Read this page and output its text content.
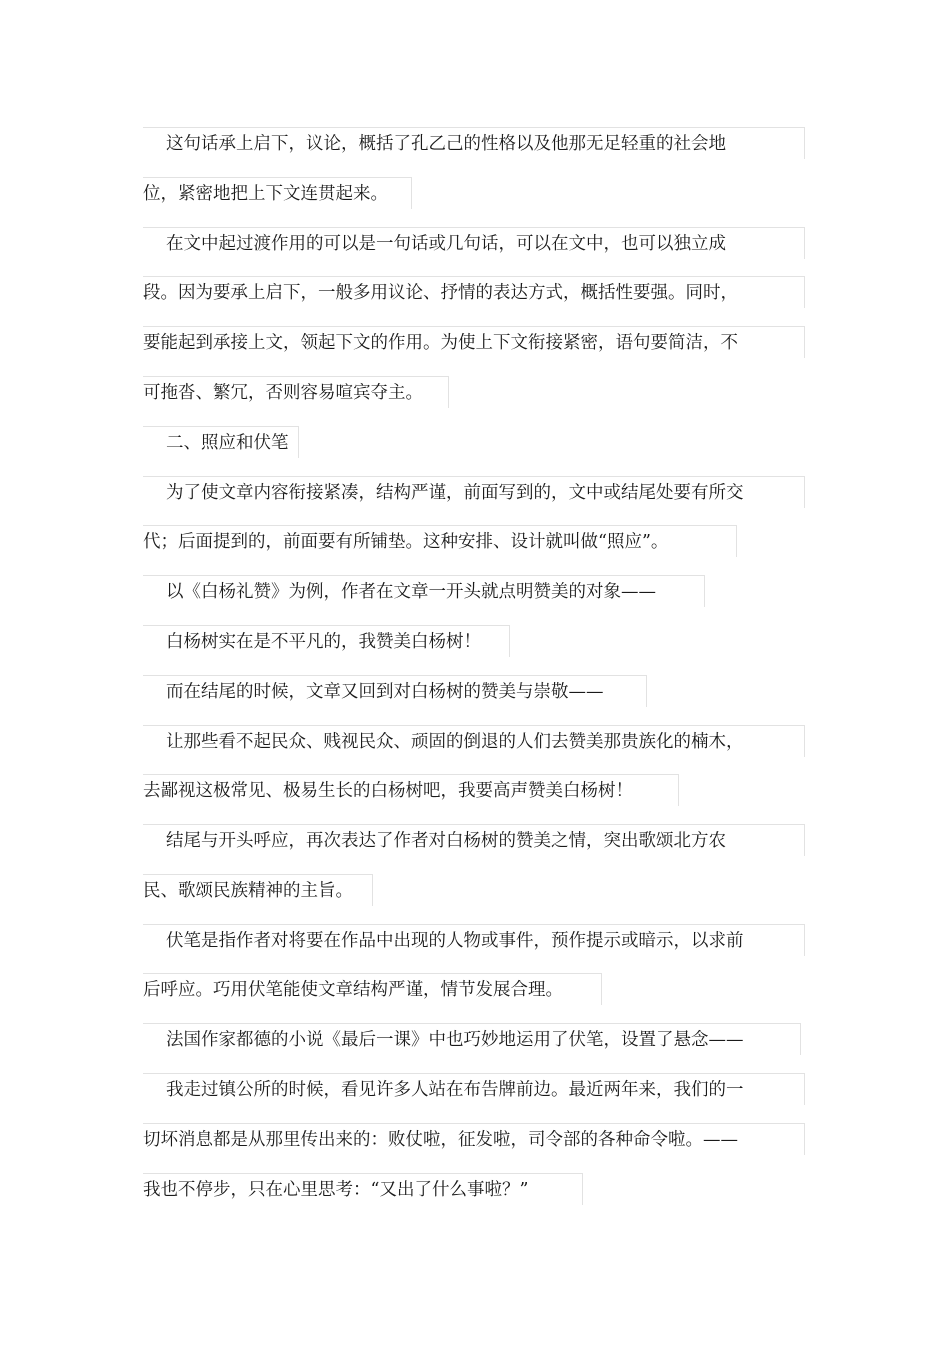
这句话承上启下，议论，概括了孔乙己的性格以及他那无足轻重的社会地
位，紧密地把上下文连贯起来。
在文中起过渡作用的可以是一句话或几句话，可以在文中，也可以独立成
段。因为要承上启下，一般多用议论、抒情的表达方式，概括性要强。同时，
要能起到承接上文，领起下文的作用。为使上下文衔接紧密，语句要简洁，不
可拖沓、繁冗，否则容易喧宾夺主。
二、照应和伏笔
为了使文章内容衔接紧凑，结构严谨，前面写到的，文中或结尾处要有所交
代；后面提到的，前面要有所铺垫。这种安排、设计就叫做“照应”。
以《白杨礼赞》为例，作者在文章一开头就点明赞美的对象——
白杨树实在是不平凡的，我赞美白杨树！
而在结尾的时候，文章又回到对白杨树的赞美与崇敬——
让那些看不起民众、贱视民众、顽固的倒退的人们去赞美那贵族化的楠木，
去鄙视这极常见、极易生长的白杨树吧，我要高声赞美白杨树！
结尾与开头呼应，再次表达了作者对白杨树的赞美之情，突出歌颂北方农
民、歌颂民族精神的主旨。
伏笔是指作者对将要在作品中出现的人物或事件，预作提示或暗示，以求前
后呼应。巧用伏笔能使文章结构严谨，情节发展合理。
法国作家都德的小说《最后一课》中也巧妙地运用了伏笔，设置了悬念——
我走过镇公所的时候，看见许多人站在布告牌前边。最近两年来，我们的一
切坏消息都是从那里传出来的：败仗啦，征发啦，司令部的各种命令啦。——
我也不停步，只在心里思考：“又出了什么事啦？”
